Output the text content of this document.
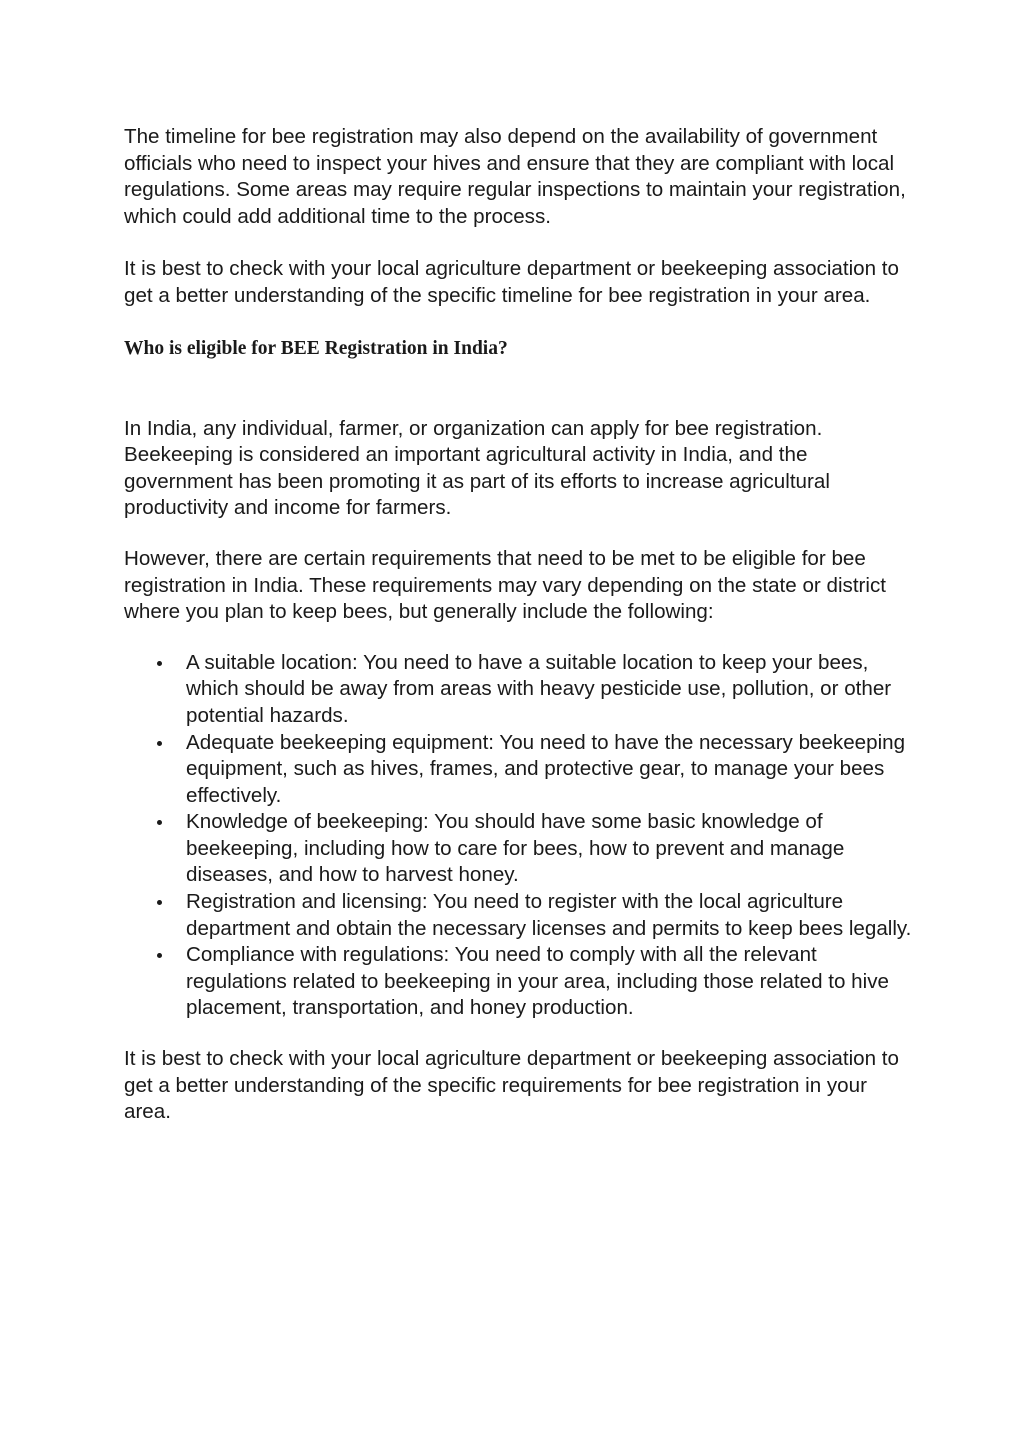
The timeline for bee registration may also depend on the availability of government officials who need to inspect your hives and ensure that they are compliant with local regulations. Some areas may require regular inspections to maintain your registration, which could add additional time to the process.

It is best to check with your local agriculture department or beekeeping association to get a better understanding of the specific timeline for bee registration in your area.

Who is eligible for BEE Registration in India?

In India, any individual, farmer, or organization can apply for bee registration. Beekeeping is considered an important agricultural activity in India, and the government has been promoting it as part of its efforts to increase agricultural productivity and income for farmers.

However, there are certain requirements that need to be met to be eligible for bee registration in India. These requirements may vary depending on the state or district where you plan to keep bees, but generally include the following:

A suitable location: You need to have a suitable location to keep your bees, which should be away from areas with heavy pesticide use, pollution, or other potential hazards.
Adequate beekeeping equipment: You need to have the necessary beekeeping equipment, such as hives, frames, and protective gear, to manage your bees effectively.
Knowledge of beekeeping: You should have some basic knowledge of beekeeping, including how to care for bees, how to prevent and manage diseases, and how to harvest honey.
Registration and licensing: You need to register with the local agriculture department and obtain the necessary licenses and permits to keep bees legally.
Compliance with regulations: You need to comply with all the relevant regulations related to beekeeping in your area, including those related to hive placement, transportation, and honey production.

It is best to check with your local agriculture department or beekeeping association to get a better understanding of the specific requirements for bee registration in your area.
